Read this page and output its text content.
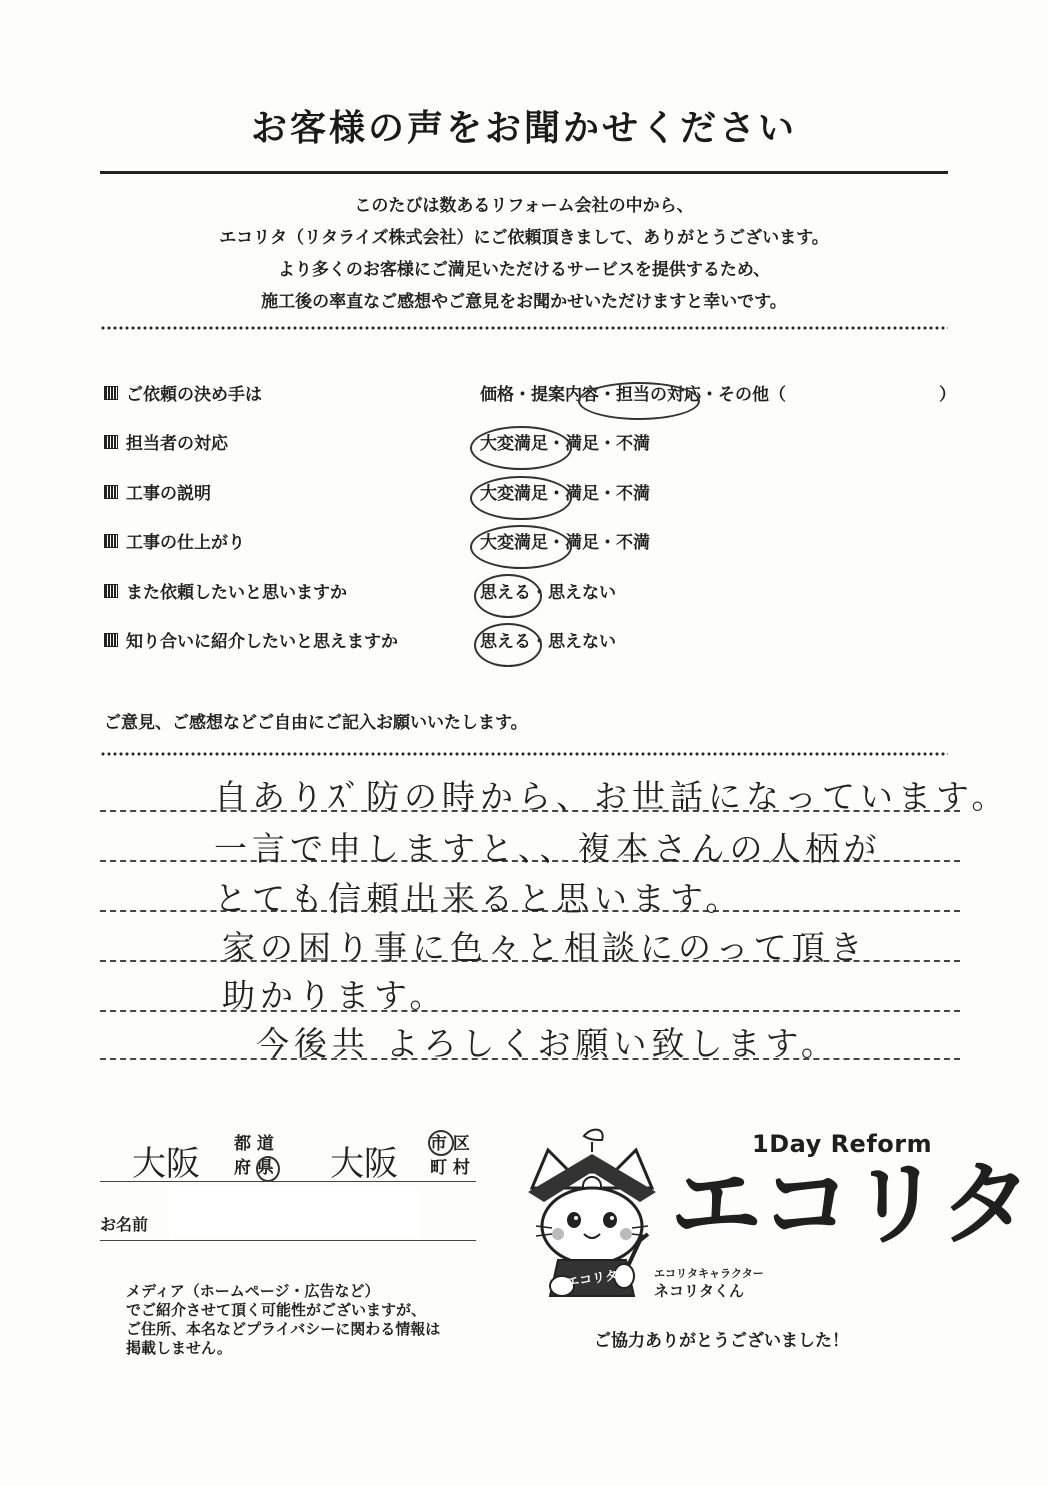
お客様の声をお聞かせください
このたびは数あるリフォーム会社の中から、
エコリタ（リタライズ株式会社）にご依頼頂きまして、ありがとうございます。
より多くのお客様にご満足いただけるサービスを提供するため、
施工後の率直なご感想やご意見をお聞かせいただけますと幸いです。
ご依頼の決め手は	価格・提案内容・担当の対応・その他（　　　　　　　　　）
担当者の対応	大変満足・満足・不満
工事の説明	大変満足・満足・不満
工事の仕上がり	大変満足・満足・不満
また依頼したいと思いますか	思える・思えない
知り合いに紹介したいと思えますか	思える・思えない
ご意見、ご感想などご自由にご記入お願いいたします。
自ありｽﾞ防の時から、お世話になっています。
一言で申しますと、、複本さんの人柄が
とても信頼出来ると思います。
家の困り事に色々と相談にのって頂き
助かります。
今後共 よろしくお願い致します。
大阪 都 道
府 県	大阪 市 区
町 村
お名前
メディア（ホームページ・広告など）
でご紹介させて頂く可能性がございますが、
ご住所、本名などプライバシーに関わる情報は
掲載しません。
エコリタ
1Day Reform
エコリタ
エコリタキャラクター
ネコリタくん
ご協力ありがとうございました！
